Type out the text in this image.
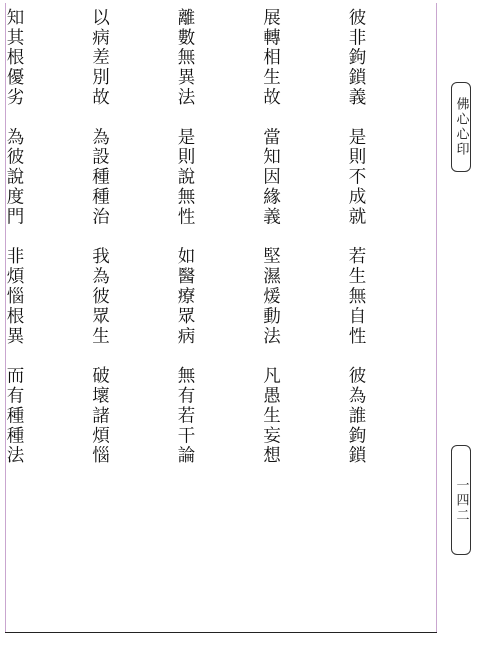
彼非鉤鎖義　是則不成就　若生無自性　彼為誰鉤鎖

展轉相生故　當知因緣義　堅濕煖動法　凡愚生妄想

離數無異法　是則說無性　如醫療眾病　無有若干論

以病差別故　為設種種治　我為彼眾生　破壞諸煩惱

知其根優劣　為彼說度門　非煩惱根異　而有種種法

	佛心心印
一四二
